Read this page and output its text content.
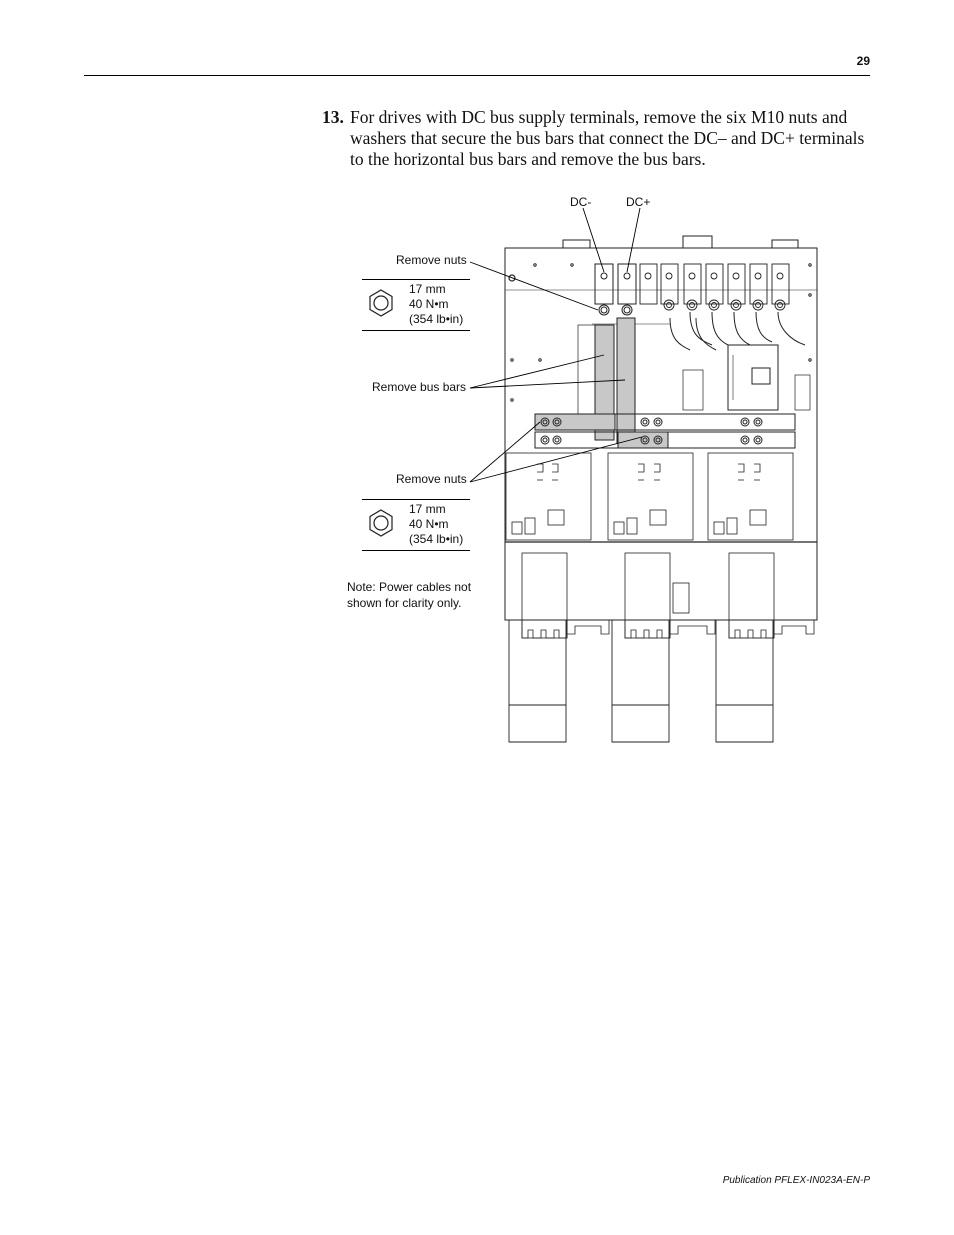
29
13. For drives with DC bus supply terminals, remove the six M10 nuts and washers that secure the bus bars that connect the DC– and DC+ terminals to the horizontal bus bars and remove the bus bars.
DC-	DC+
Remove nuts
Remove bus bars
Remove nuts
17 mm
40 N•m
(354 lb•in)
17 mm
40 N•m
(354 lb•in)
Note: Power cables not
shown for clarity only.
Publication PFLEX-IN023A-EN-P
